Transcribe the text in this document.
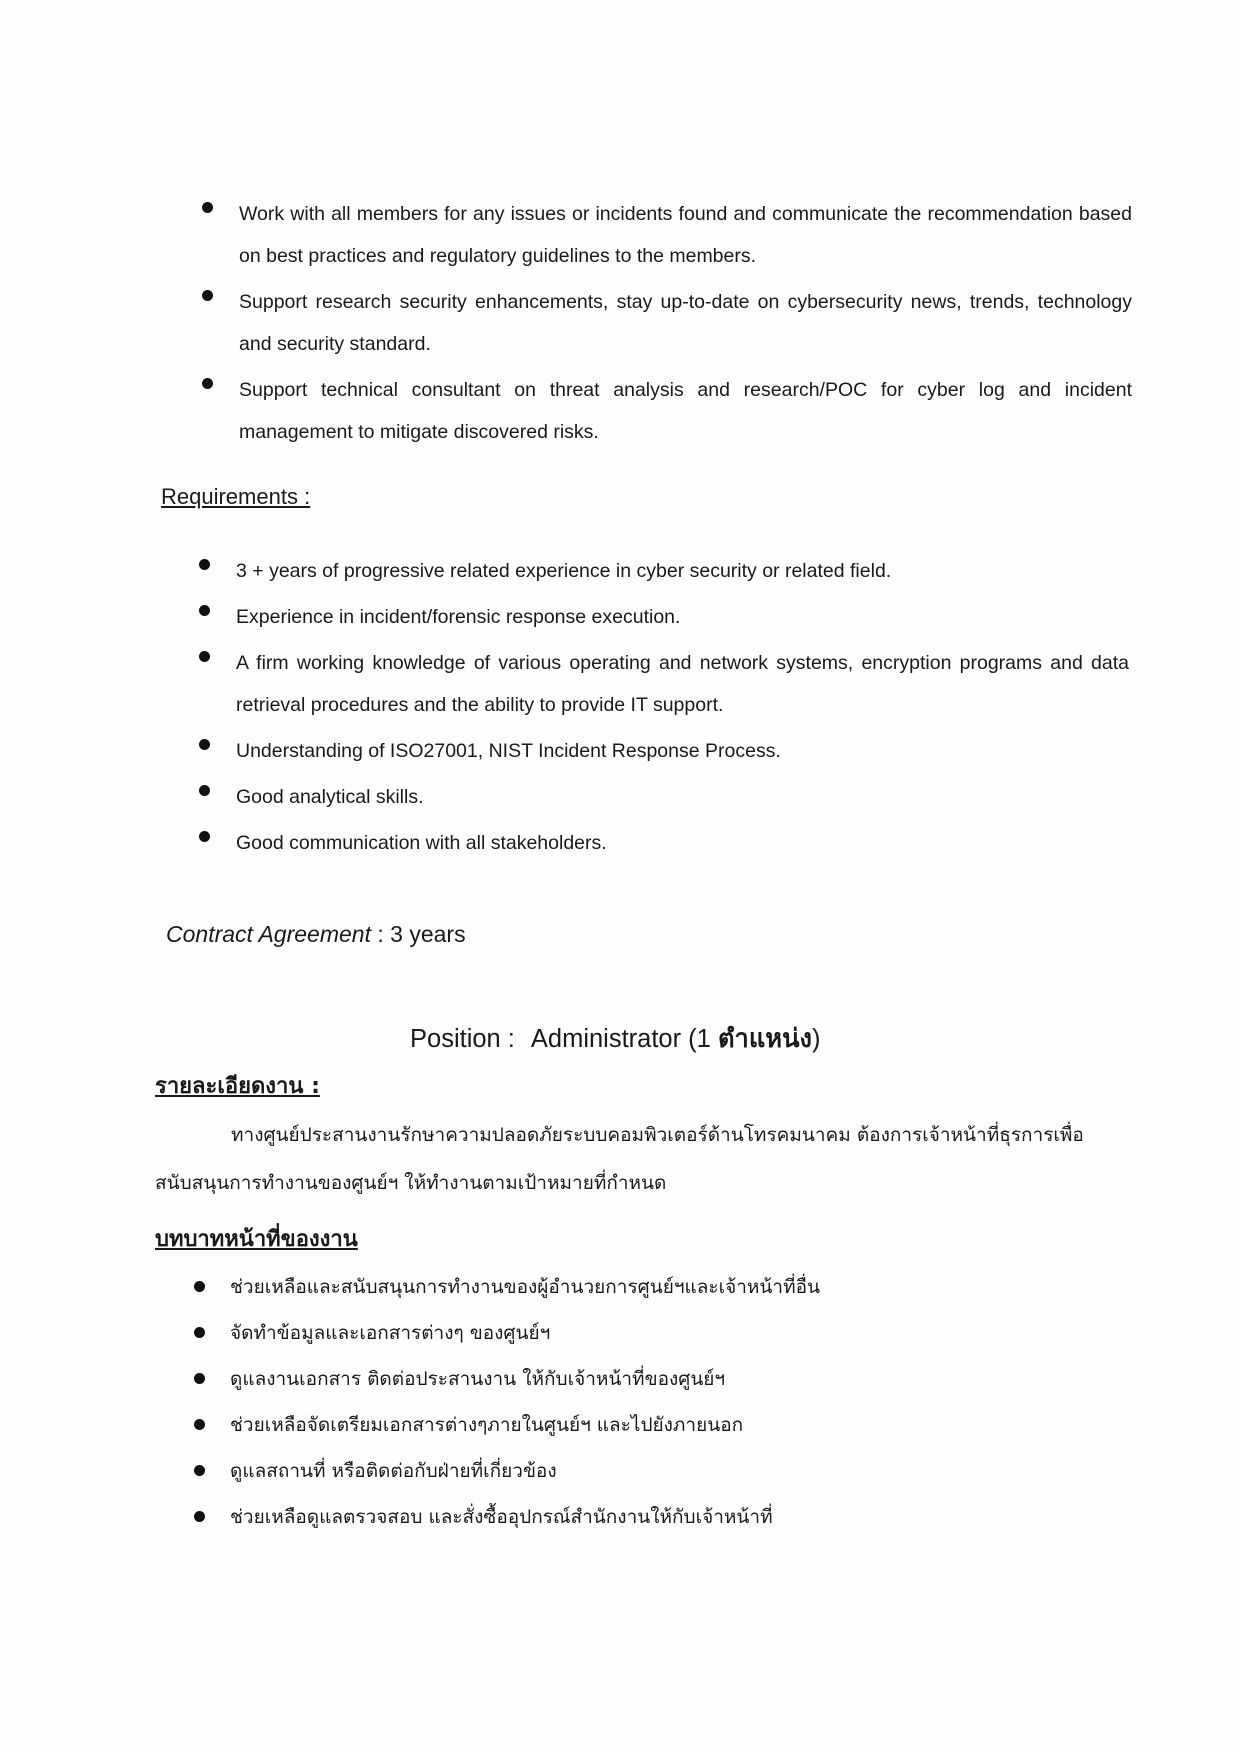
Work with all members for any issues or incidents found and communicate the recommendation based on best practices and regulatory guidelines to the members.
Support research security enhancements, stay up-to-date on cybersecurity news, trends, technology and security standard.
Support technical consultant on threat analysis and research/POC for cyber log and incident management to mitigate discovered risks.
Requirements :
3 + years of progressive related experience in cyber security or related field.
Experience in incident/forensic response execution.
A firm working knowledge of various operating and network systems, encryption programs and data retrieval procedures and the ability to provide IT support.
Understanding of ISO27001, NIST Incident Response Process.
Good analytical skills.
Good communication with all stakeholders.
Contract Agreement : 3 years
Position : Administrator (1 ตำแหน่ง)
รายละเอียดงาน :

ทางศูนย์ประสานงานรักษาความปลอดภัยระบบคอมพิวเตอร์ด้านโทรคมนาคม ต้องการเจ้าหน้าที่ธุรการเพื่อสนับสนุนการทำงานของศูนย์ฯ ให้ทำงานตามเป้าหมายที่กำหนด

บทบาทหน้าที่ของงาน
ช่วยเหลือและสนับสนุนการทำงานของผู้อำนวยการศูนย์ฯและเจ้าหน้าที่อื่น
จัดทำข้อมูลและเอกสารต่างๆ ของศูนย์ฯ
ดูแลงานเอกสาร ติดต่อประสานงาน ให้กับเจ้าหน้าที่ของศูนย์ฯ
ช่วยเหลือจัดเตรียมเอกสารต่างๆภายในศูนย์ฯ และไปยังภายนอก
ดูแลสถานที่ หรือติดต่อกับฝ่ายที่เกี่ยวข้อง
ช่วยเหลือดูแลตรวจสอบ และสั่งซื้ออุปกรณ์สำนักงานให้กับเจ้าหน้าที่
